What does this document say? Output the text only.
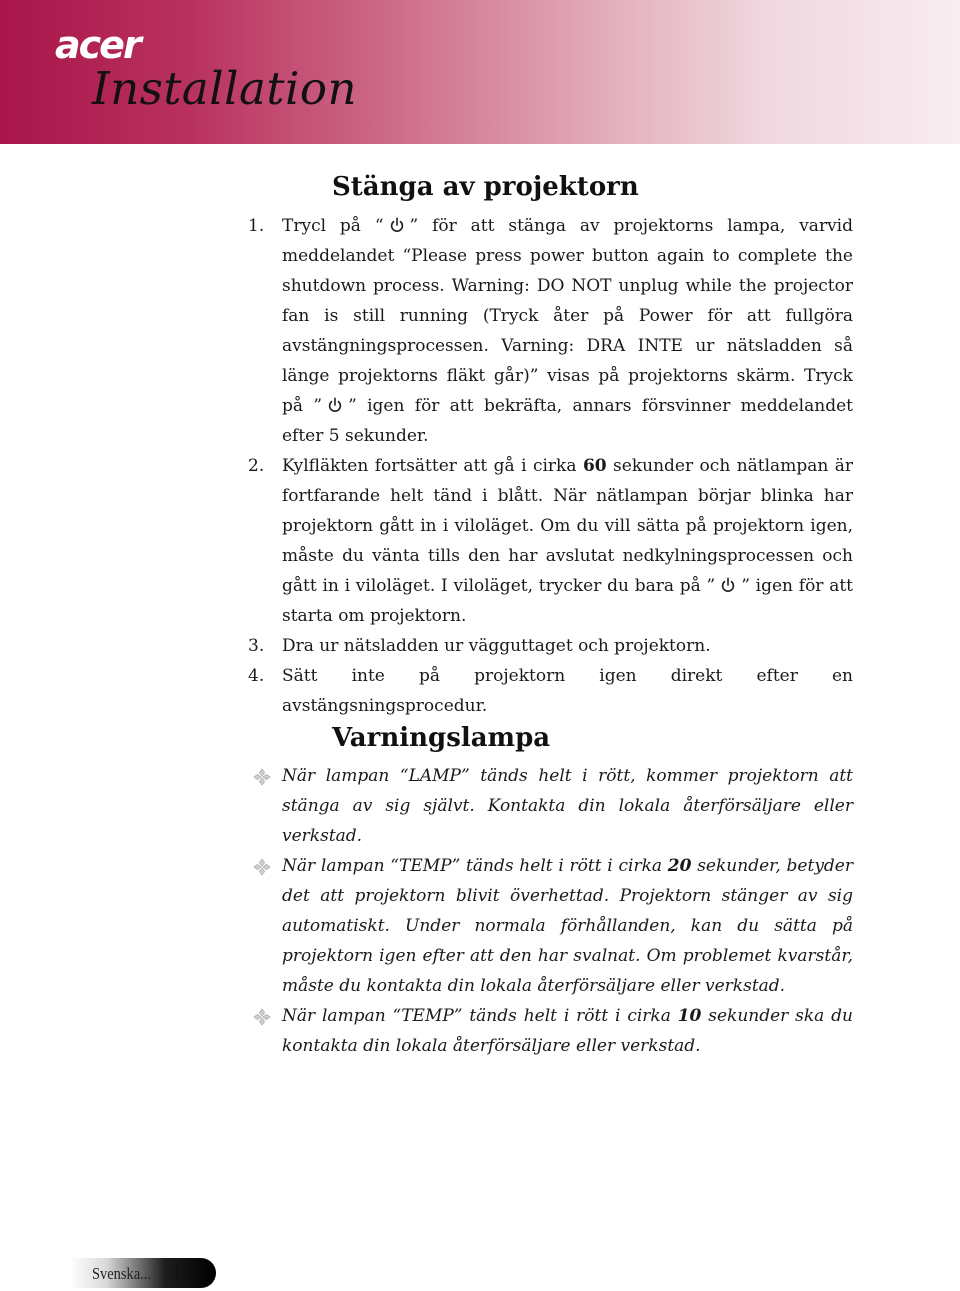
acer
Installation
Stänga av projektorn
1.	Trycl på “ ” för att stänga av projektorns lampa, varvid meddelandet “Please press power button again to complete the shutdown process. Warning: DO NOT unplug while the projector fan is still running (Tryck åter på Power för att fullgöra avstängningsprocessen. Varning: DRA INTE ur nätsladden så länge projektorns fläkt går)” visas på projektorns skärm. Tryck på ” ” igen för att bekräfta, annars försvinner meddelandet efter 5 sekunder.
2.	Kylfläkten fortsätter att gå i cirka 60 sekunder och nätlampan är fortfarande helt tänd i blått. När nätlampan börjar blinka har projektorn gått in i viloläget. Om du vill sätta på projektorn igen, måste du vänta tills den har avslutat nedkylningsprocessen och gått in i viloläget. I viloläget, trycker du bara på ” ” igen för att starta om projektorn.
3.	Dra ur nätsladden ur vägguttaget och projektorn.
4.	Sätt inte på projektorn igen direkt efter en avstängsningsprocedur.
Varningslampa
När lampan “LAMP” tänds helt i rött, kommer projektorn att stänga av sig självt. Kontakta din lokala återförsäljare eller verkstad.
När lampan “TEMP” tänds helt i rött i cirka 20 sekunder, betyder det att projektorn blivit överhettad. Projektorn stänger av sig automatiskt. Under normala förhållanden, kan du sätta på projektorn igen efter att den har svalnat. Om problemet kvarstår, måste du kontakta din lokala återförsäljare eller verkstad.
När lampan “TEMP” tänds helt i rött i cirka 10 sekunder ska du kontakta din lokala återförsäljare eller verkstad.
Svenska... 12
